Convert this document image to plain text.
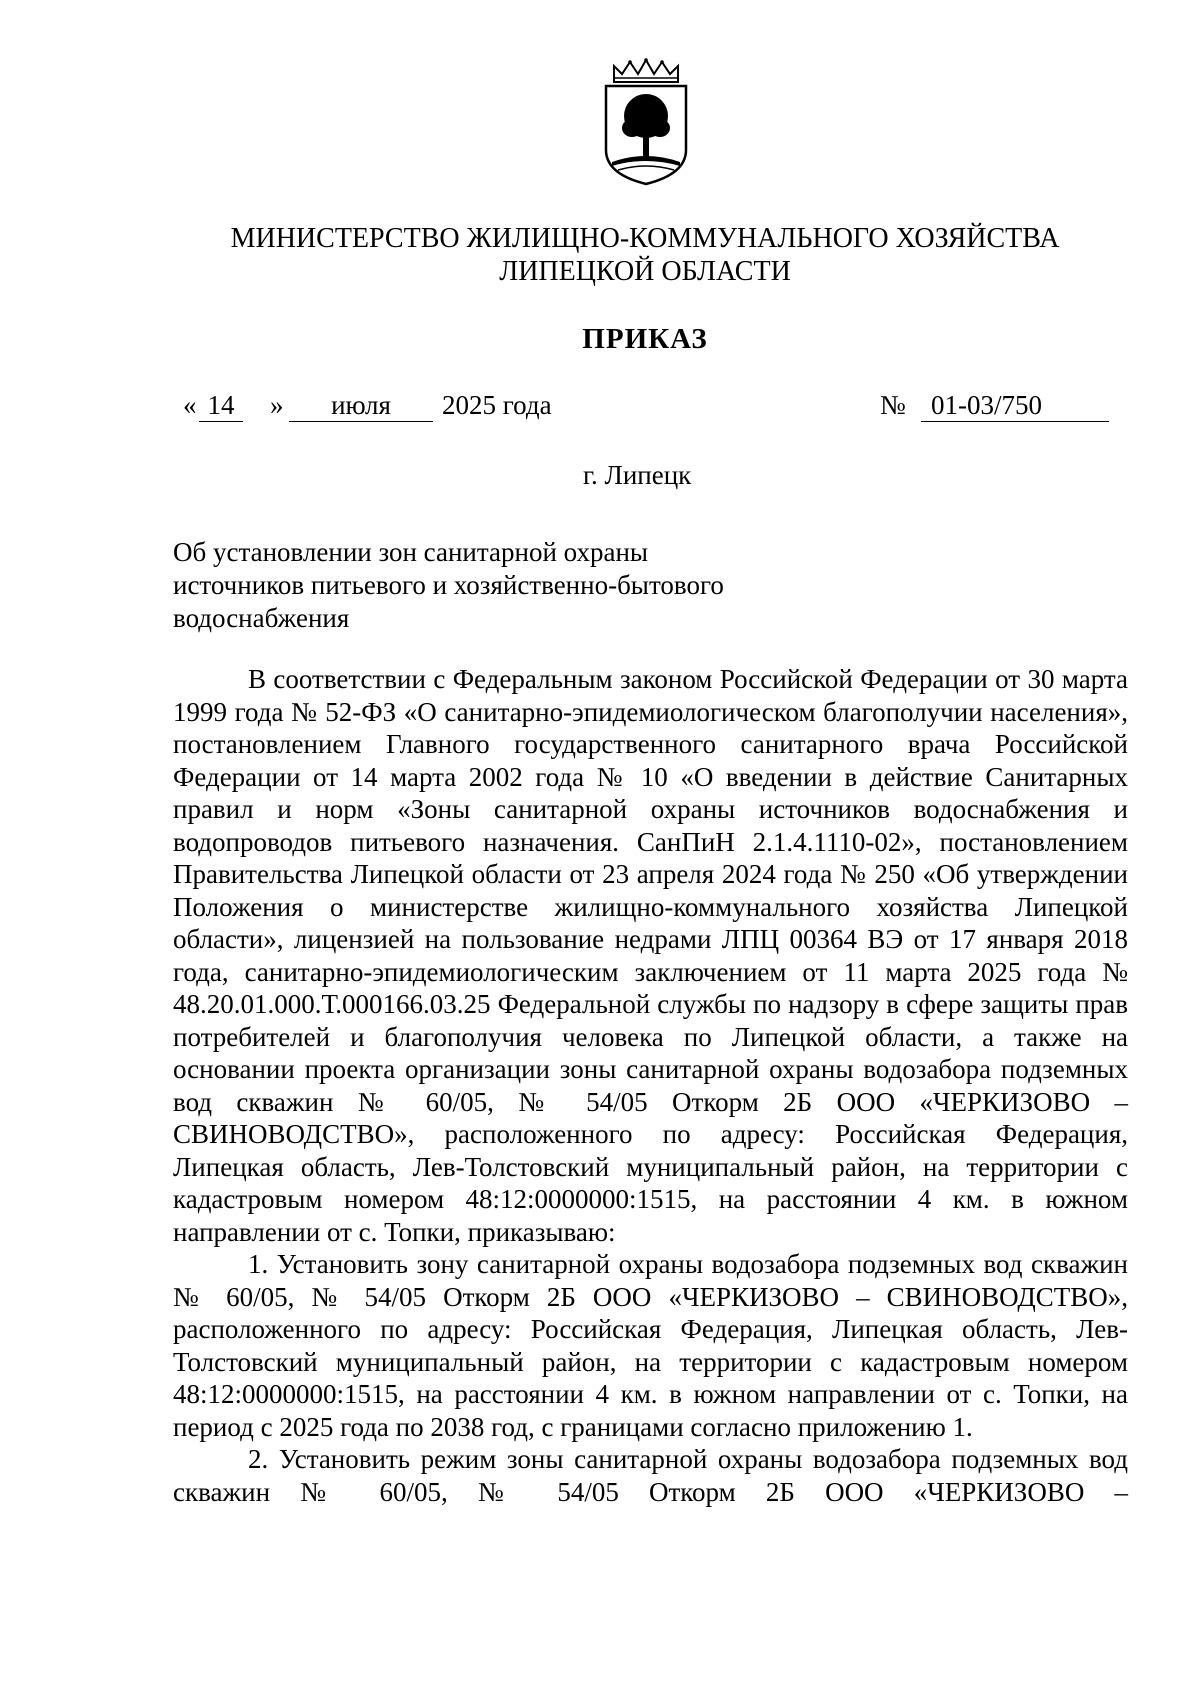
МИНИСТЕРСТВО ЖИЛИЩНО-КОММУНАЛЬНОГО ХОЗЯЙСТВА
ЛИПЕЦКОЙ ОБЛАСТИ
ПРИКАЗ
« 14	»	июля	2025 года	№ 01-03/750
г. Липецк
Об установлении зон санитарной охраны
источников питьевого и хозяйственно-бытового
водоснабжения

В соответствии с Федеральным законом Российской Федерации от 30 марта 1999 года № 52-ФЗ «О санитарно-эпидемиологическом благополучии населения», постановлением Главного государственного санитарного врача Российской Федерации от 14 марта 2002 года № 10 «О введении в действие Санитарных правил и норм «Зоны санитарной охраны источников водоснабжения и водопроводов питьевого назначения. СанПиН 2.1.4.1110-02», постановлением Правительства Липецкой области от 23 апреля 2024 года № 250 «Об утверждении Положения о министерстве жилищно-коммунального хозяйства Липецкой области», лицензией на пользование недрами ЛПЦ 00364 ВЭ от 17 января 2018 года, санитарно-эпидемиологическим заключением от 11 марта 2025 года № 48.20.01.000.Т.000166.03.25 Федеральной службы по надзору в сфере защиты прав потребителей и благополучия человека по Липецкой области, а также на основании проекта организации зоны санитарной охраны водозабора подземных вод скважин № 60/05, № 54/05 Откорм 2Б ООО «ЧЕРКИЗОВО – СВИНОВОДСТВО», расположенного по адресу: Российская Федерация, Липецкая область, Лев-Толстовский муниципальный район, на территории с кадастровым номером 48:12:0000000:1515, на расстоянии 4 км. в южном направлении от с. Топки, приказываю:

1. Установить зону санитарной охраны водозабора подземных вод скважин № 60/05, № 54/05 Откорм 2Б ООО «ЧЕРКИЗОВО – СВИНОВОДСТВО», расположенного по адресу: Российская Федерация, Липецкая область, Лев-Толстовский муниципальный район, на территории с кадастровым номером 48:12:0000000:1515, на расстоянии 4 км. в южном направлении от с. Топки, на период с 2025 года по 2038 год, с границами согласно приложению 1.

2. Установить режим зоны санитарной охраны водозабора подземных вод скважин № 60/05, № 54/05 Откорм 2Б ООО «ЧЕРКИЗОВО –
